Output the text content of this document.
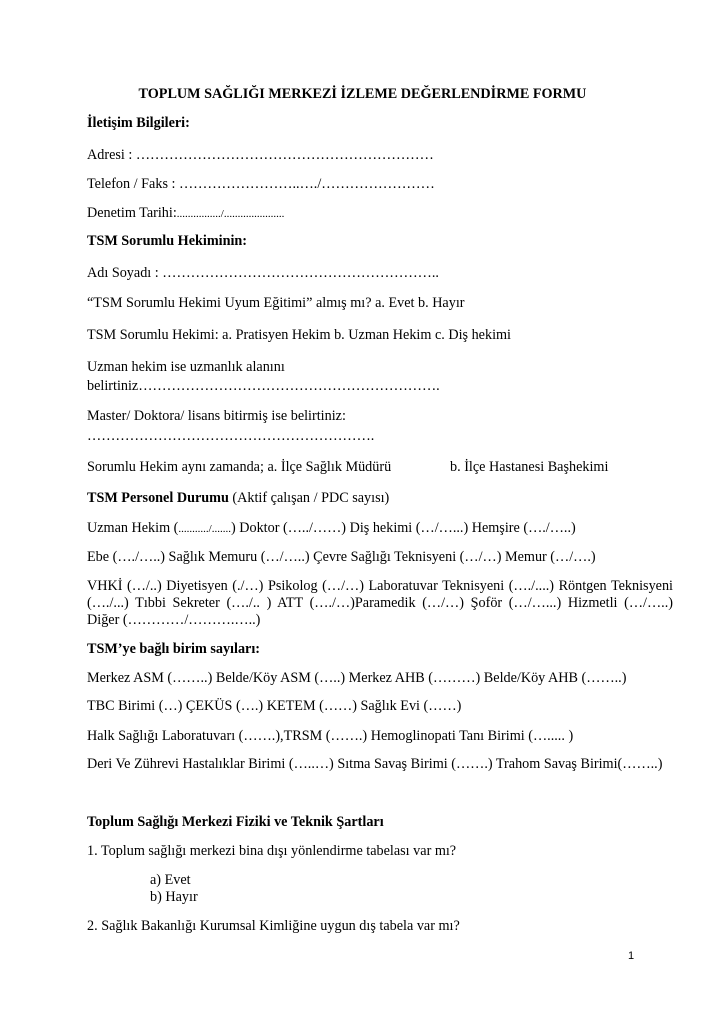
TOPLUM SAĞLIĞI MERKEZİ İZLEME DEĞERLENDİRME FORMU
İletişim Bilgileri:
Adresi : ………………………………………………………
Telefon / Faks : ……………………..…./……………………
Denetim Tarihi:................/......................
TSM Sorumlu Hekiminin:
Adı Soyadı : …………………………………………………..
“TSM Sorumlu Hekimi Uyum Eğitimi” almış mı? a. Evet b. Hayır
TSM Sorumlu Hekimi: a. Pratisyen Hekim b. Uzman Hekim c. Diş hekimi
Uzman hekim ise uzmanlık alanını
belirtiniz……………………………………………………….
Master/ Doktora/ lisans bitirmiş ise belirtiniz:
…………………………………………………….
Sorumlu Hekim aynı zamanda; a. İlçe Sağlık Müdürü	b. İlçe Hastanesi Başhekimi
TSM Personel Durumu (Aktif çalışan / PDC sayısı)
Uzman Hekim (.........../.......) Doktor (…../……) Diş hekimi (…/…...) Hemşire (…./…..)
Ebe (…./…..) Sağlık Memuru (…/…..) Çevre Sağlığı Teknisyeni (…/…) Memur (…/….)
VHKİ (…/..) Diyetisyen (./…) Psikolog (…/…) Laboratuvar Teknisyeni (…./....) Röntgen Teknisyeni (…./...) Tıbbi Sekreter (…./.. ) ATT (…./…)Paramedik (…/…) Şoför (…/…...) Hizmetli (…/…..) Diğer (…………/……….…..)
TSM’ye bağlı birim sayıları:
Merkez ASM (……..) Belde/Köy ASM (…..) Merkez AHB (………) Belde/Köy AHB (……..)
TBC Birimi (…) ÇEKÜS (….) KETEM (……) Sağlık Evi (……)
Halk Sağlığı Laboratuvarı (…….),TRSM (…….) Hemoglinopati Tanı Birimi (…..... )
Deri Ve Zührevi Hastalıklar Birimi (…..…) Sıtma Savaş Birimi (…….) Trahom Savaş Birimi(……..)
Toplum Sağlığı Merkezi Fiziki ve Teknik Şartları
1. Toplum sağlığı merkezi bina dışı yönlendirme tabelası var mı?
a) Evet
b) Hayır
2. Sağlık Bakanlığı Kurumsal Kimliğine uygun dış tabela var mı?
1
